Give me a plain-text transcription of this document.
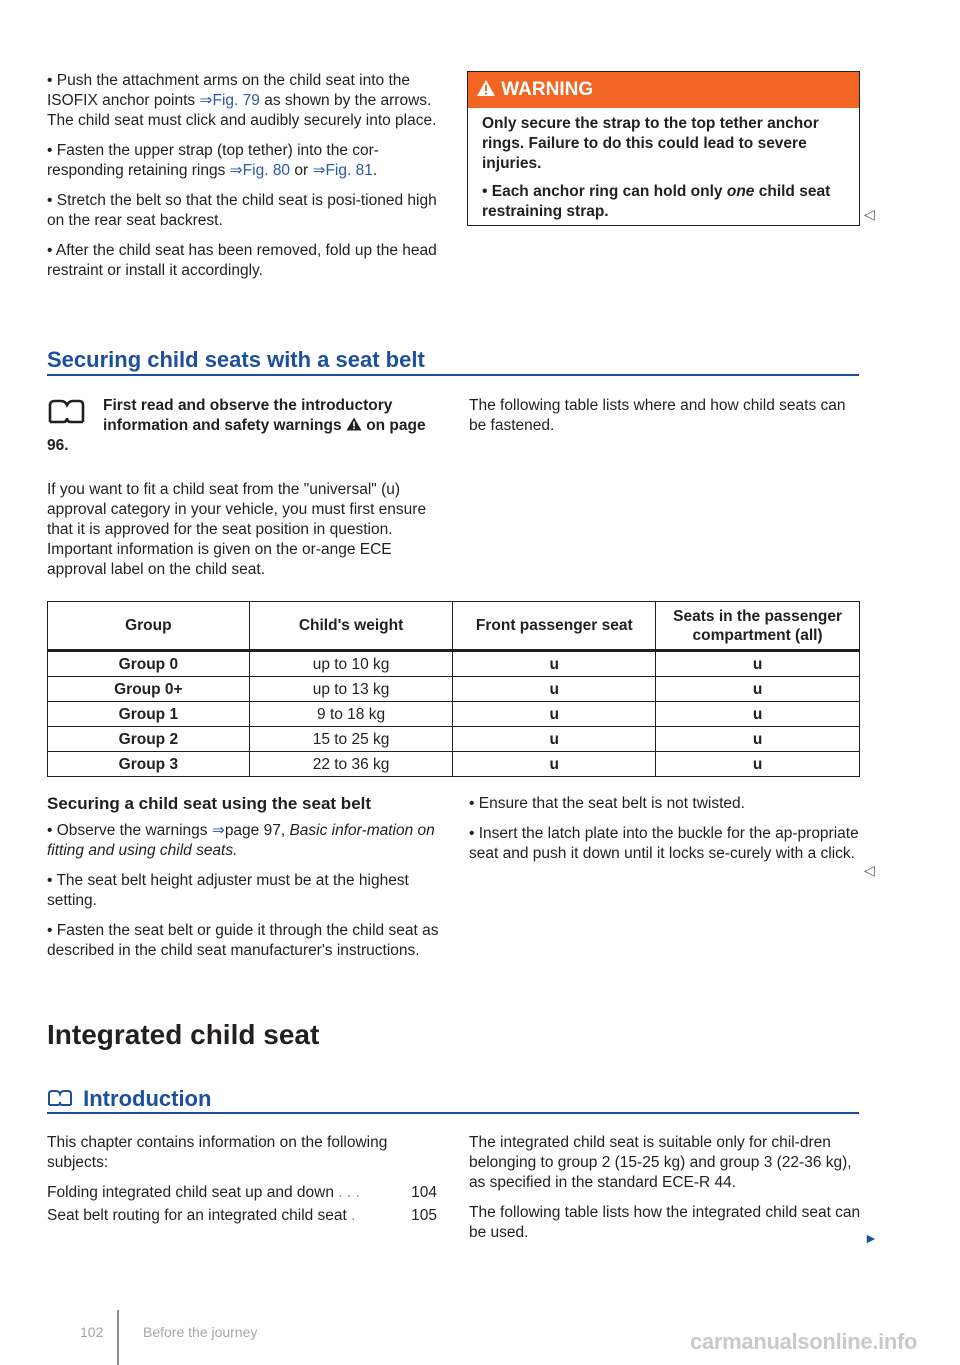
• Push the attachment arms on the child seat into the ISOFIX anchor points ⇒Fig. 79 as shown by the arrows. The child seat must click and audibly securely into place.

• Fasten the upper strap (top tether) into the cor-responding retaining rings ⇒Fig. 80 or ⇒Fig. 81.

• Stretch the belt so that the child seat is posi-tioned high on the rear seat backrest.

• After the child seat has been removed, fold up the head restraint or install it accordingly.

WARNING

Only secure the strap to the top tether anchor rings. Failure to do this could lead to severe injuries.

• Each anchor ring can hold only one child seat restraining strap.	◁
Securing child seats with a seat belt

First read and observe the introductory information and safety warnings on page 96.

If you want to fit a child seat from the "universal" (u) approval category in your vehicle, you must first ensure that it is approved for the seat position in question. Important information is given on the or-ange ECE approval label on the child seat.

The following table lists where and how child seats can be fastened.

Group	Child's weight	Front passenger seat	Seats in the passenger compartment (all)
Group 0	up to 10 kg	u	u
Group 0+	up to 13 kg	u	u
Group 1	9 to 18 kg	u	u
Group 2	15 to 25 kg	u	u
Group 3	22 to 36 kg	u	u
Securing a child seat using the seat belt

• Observe the warnings ⇒page 97, Basic infor-mation on fitting and using child seats.

• The seat belt height adjuster must be at the highest setting.

• Fasten the seat belt or guide it through the child seat as described in the child seat manufacturer's instructions.

• Ensure that the seat belt is not twisted.

• Insert the latch plate into the buckle for the ap-propriate seat and push it down until it locks se-curely with a click.

◁
Integrated child seat
Introduction

This chapter contains information on the following subjects:

Folding integrated child seat up and down . . .	104
Seat belt routing for an integrated child seat .	105

The integrated child seat is suitable only for chil-dren belonging to group 2 (15-25 kg) and group 3 (22-36 kg), as specified in the standard ECE-R 44.

The following table lists how the integrated child seat can be used.	►
102	Before the journey	carmanualsonline.info
